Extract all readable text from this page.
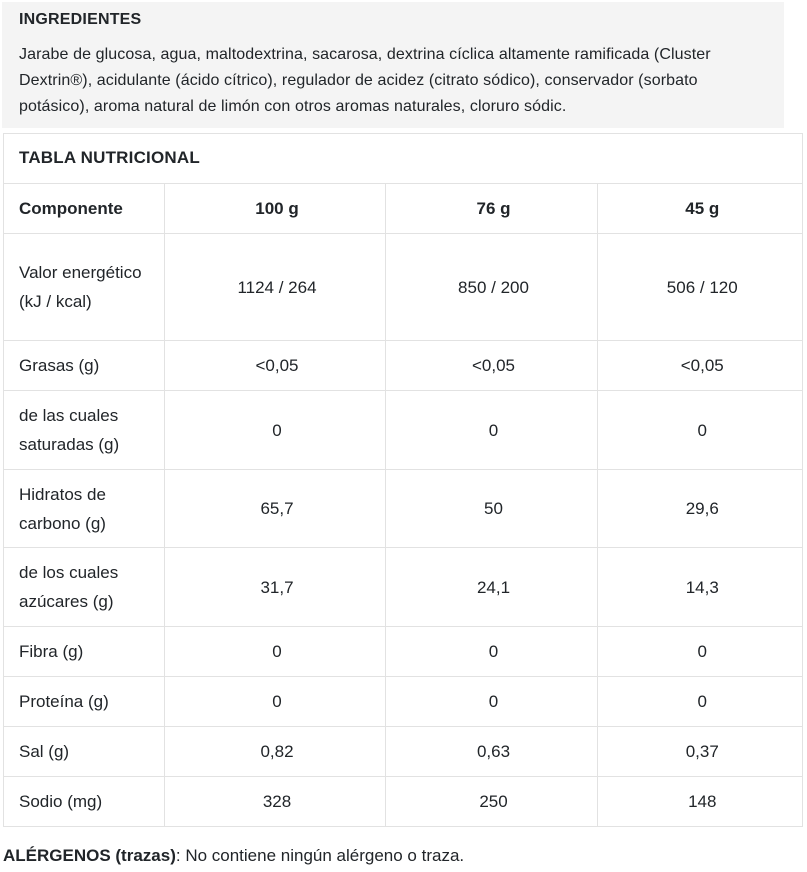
INGREDIENTES

Jarabe de glucosa, agua, maltodextrina, sacarosa, dextrina cíclica altamente ramificada (Cluster Dextrin®), acidulante (ácido cítrico), regulador de acidez (citrato sódico), conservador (sorbato potásico), aroma natural de limón con otros aromas naturales, cloruro sódic.

TABLA NUTRICIONAL
Componente	100 g	76 g	45 g
Valor energético (kJ / kcal)	1124 / 264	850 / 200	506 / 120
Grasas (g)	<0,05	<0,05	<0,05
de las cuales saturadas (g)	0	0	0
Hidratos de carbono (g)	65,7	50	29,6
de los cuales azúcares (g)	31,7	24,1	14,3
Fibra (g)	0	0	0
Proteína (g)	0	0	0
Sal (g)	0,82	0,63	0,37
Sodio (mg)	328	250	148
ALÉRGENOS (trazas): No contiene ningún alérgeno o traza.
